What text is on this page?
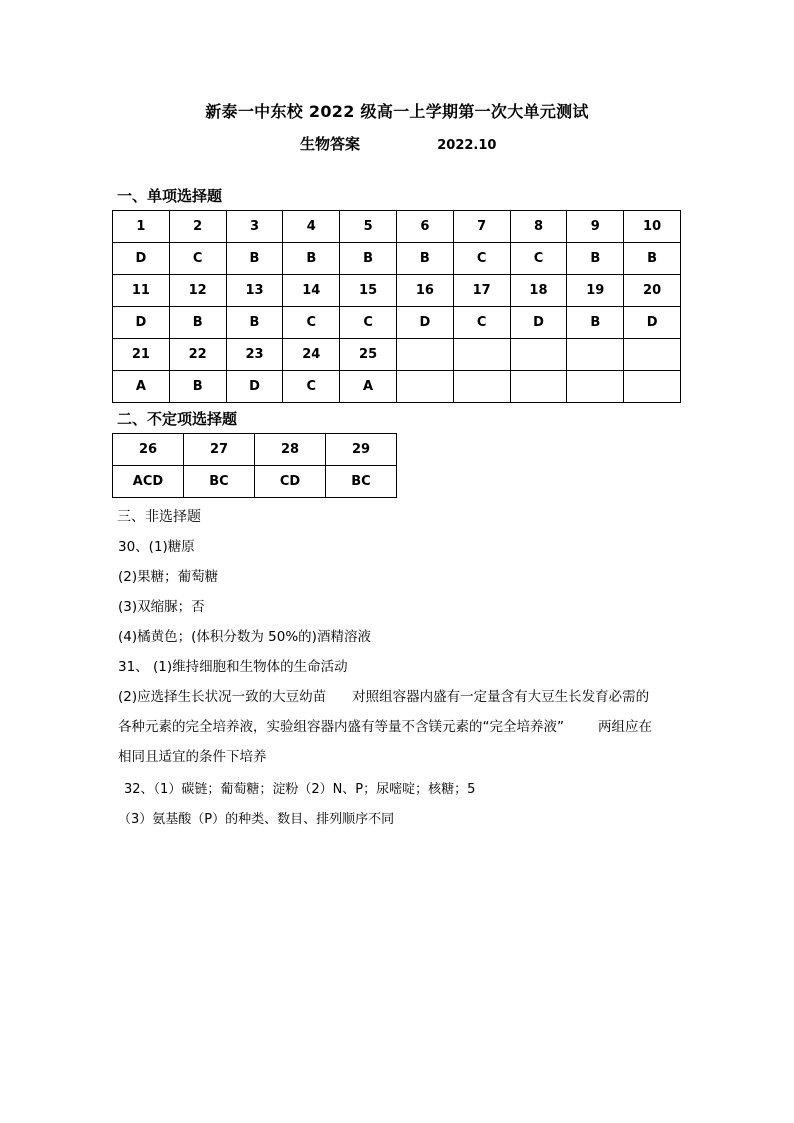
新泰一中东校 2022 级高一上学期第一次大单元测试
生物答案	2022.10
一、单项选择题
1	2	3	4	5	6	7	8	9	10
D	C	B	B	B	B	C	C	B	B
11	12	13	14	15	16	17	18	19	20
D	B	B	C	C	D	C	D	B	D
21	22	23	24	25					
A	B	D	C	A					
二、不定项选择题
26	27	28	29
ACD	BC	CD	BC
三、非选择题
30、(1)糖原
(2)果糖；葡萄糖
(3)双缩脲；否
(4)橘黄色；(体积分数为 50%的)酒精溶液
31、 (1)维持细胞和生物体的生命活动
(2)应选择生长状况一致的大豆幼苗 对照组容器内盛有一定量含有大豆生长发育必需的
各种元素的完全培养液，实验组容器内盛有等量不含镁元素的“完全培养液”	两组应在
相同且适宜的条件下培养
32、（1）碳链；葡萄糖；淀粉（2）N、P；尿嘧啶；核糖；5
（3）氨基酸（P）的种类、数目、排列顺序不同
